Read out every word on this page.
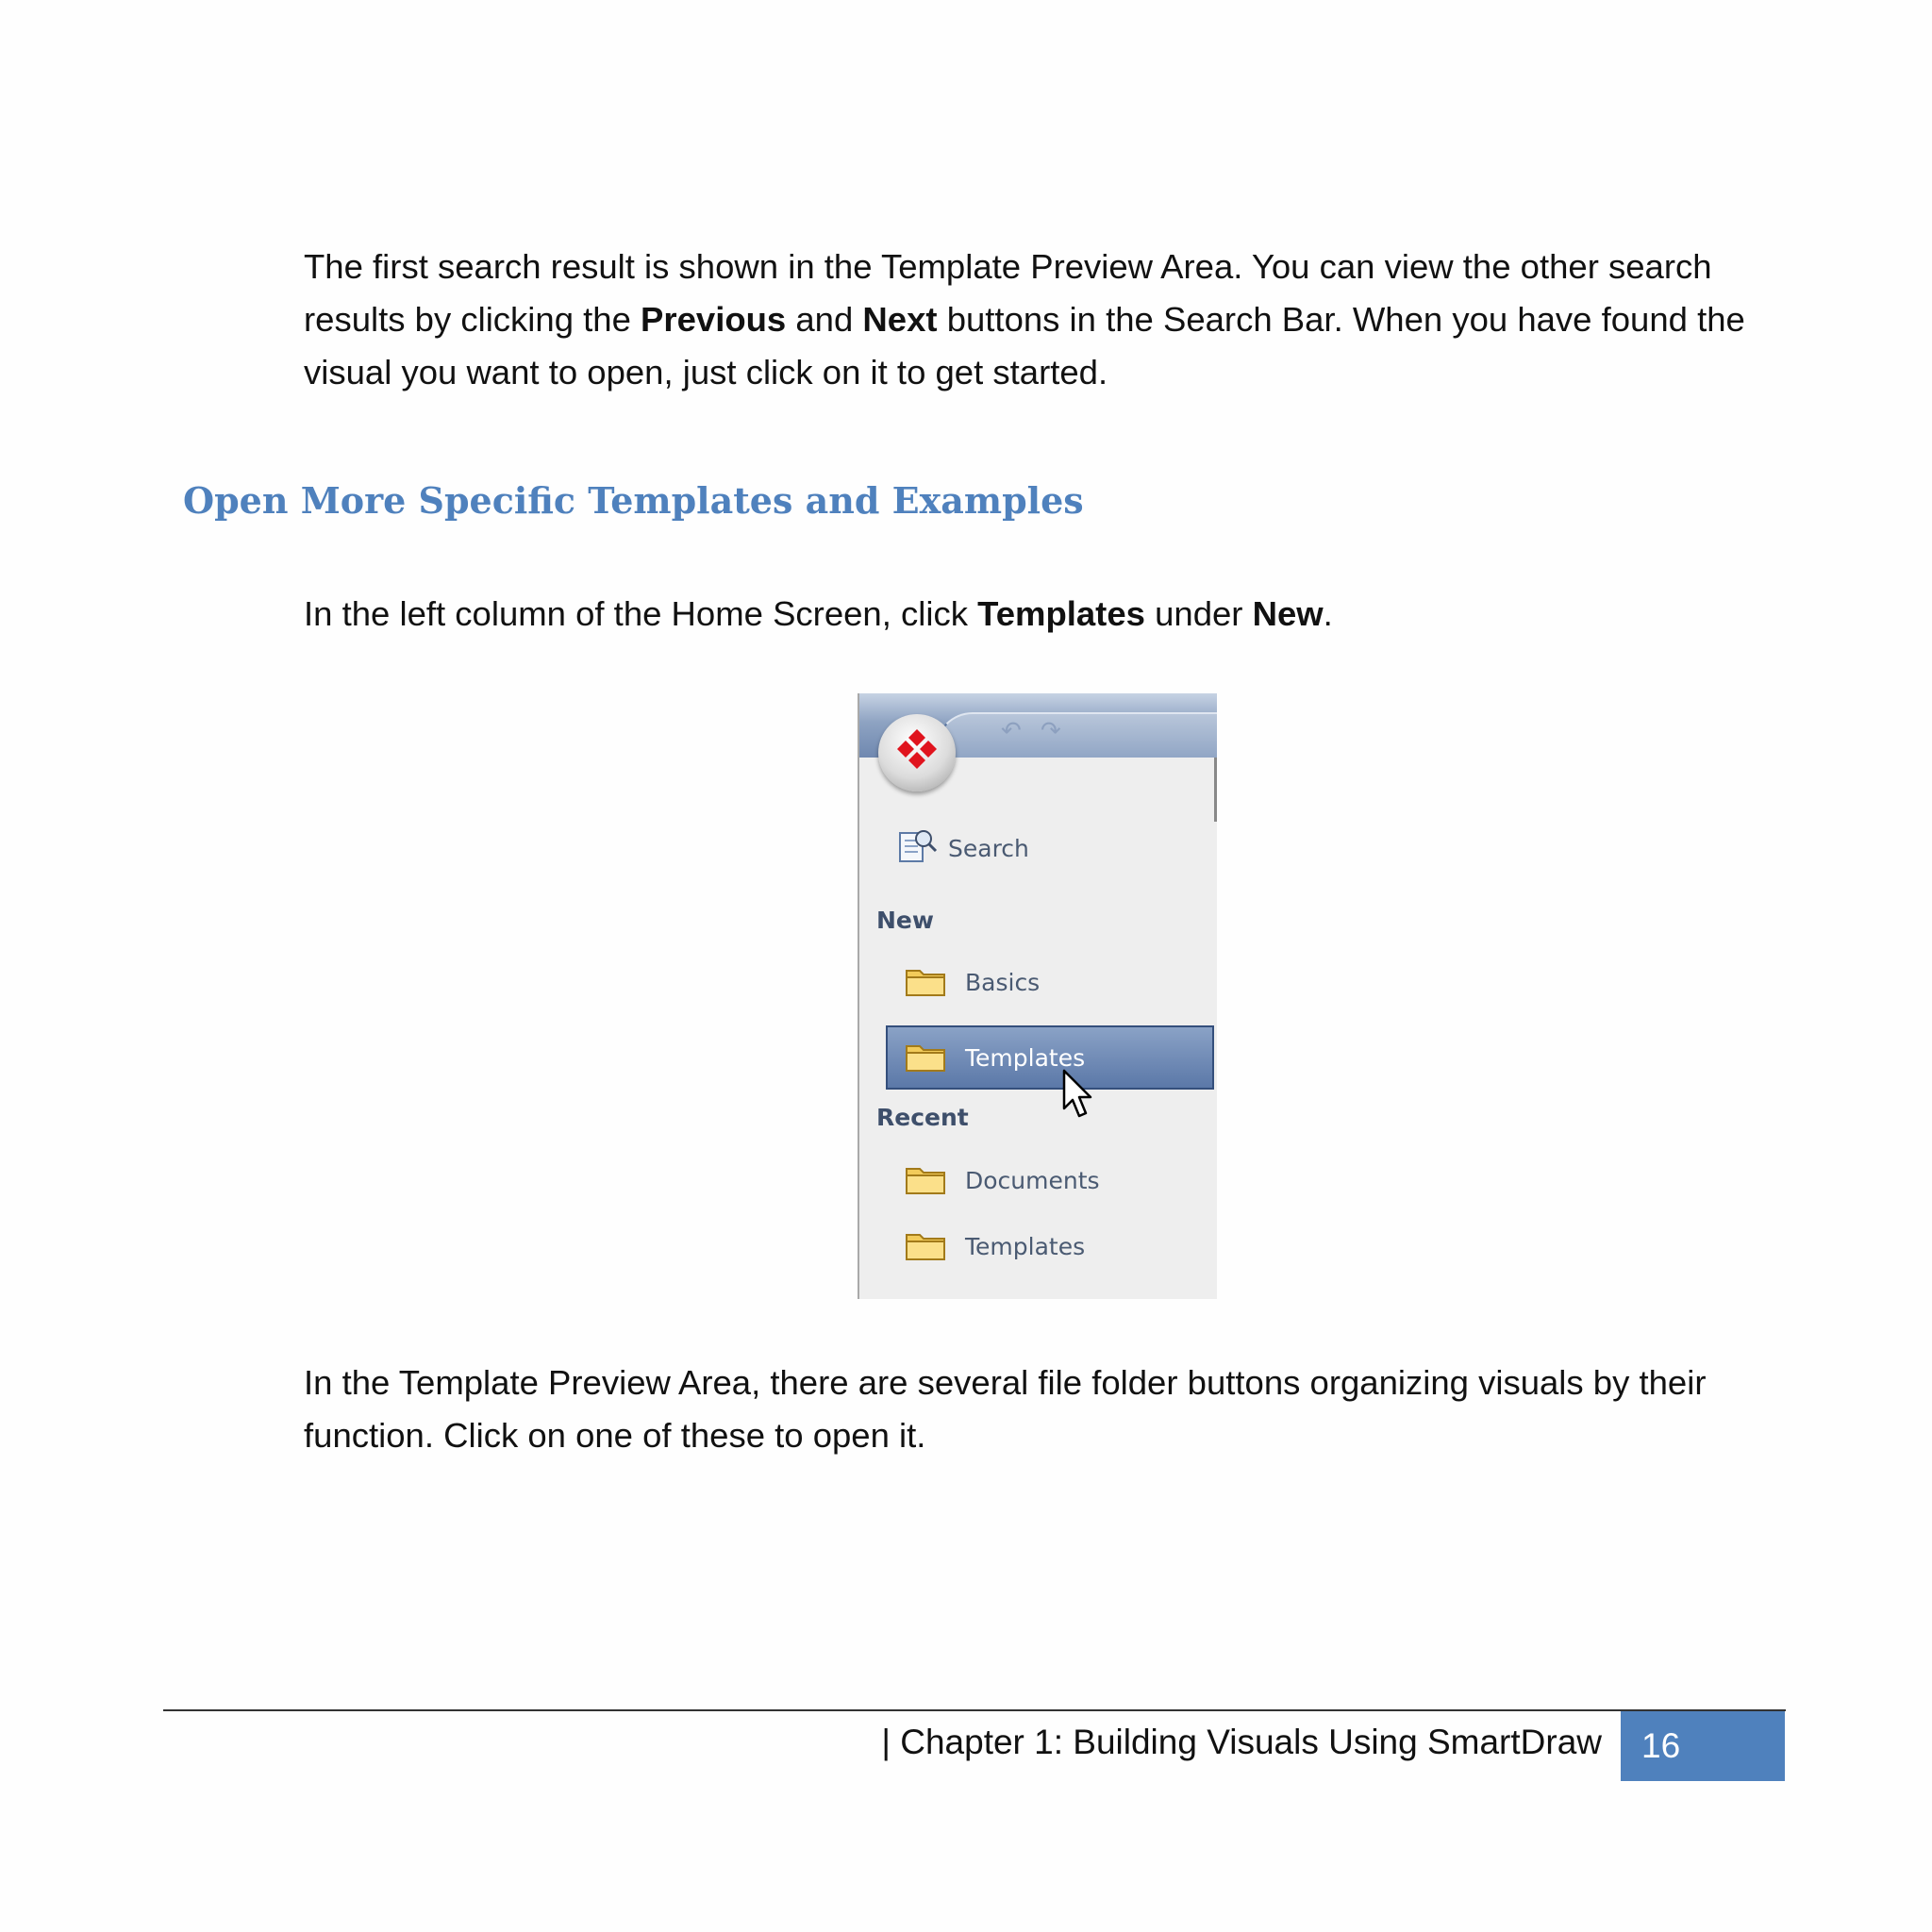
The first search result is shown in the Template Preview Area. You can view the other search results by clicking the Previous and Next buttons in the Search Bar. When you have found the visual you want to open, just click on it to get started.

Open More Specific Templates and Examples

In the left column of the Home Screen, click Templates under New.

↶ ↷
Search
New
Basics
Templates
Recent
Documents
Templates

In the Template Preview Area, there are several file folder buttons organizing visuals by their function. Click on one of these to open it.

| Chapter 1: Building Visuals Using SmartDraw	16
